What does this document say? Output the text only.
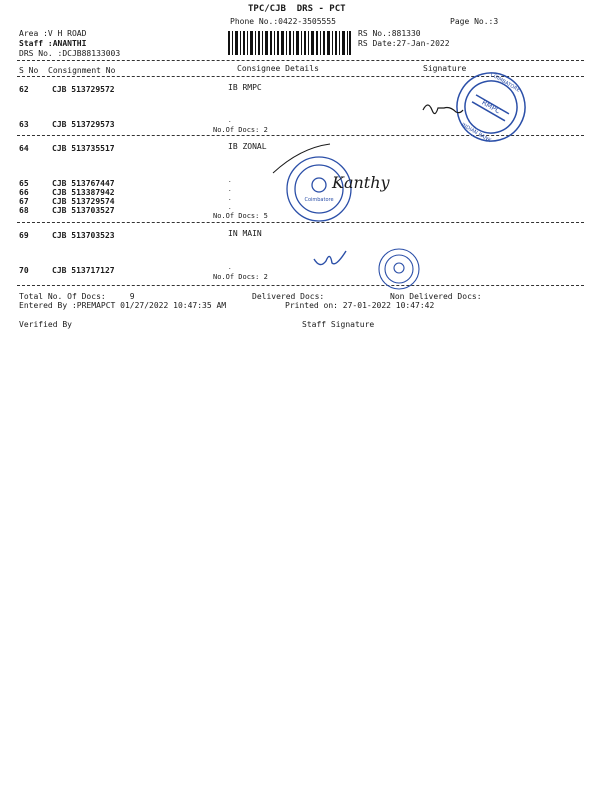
TPC/CJB  DRS - PCT
Phone No.:0422-3505555	Page No.:3
Area :V H ROAD
Staff :ANANTHI
DRS No. :DCJB88133003
RS No.:881330
RS Date:27-Jan-2022
S No Consignment No	Consignee Details	Signature
IB RMPC
62	CJB 513729572
63	CJB 513729573	.
No.Of Docs: 2
IB ZONAL
64	CJB 513735517
65	CJB 513767447
66	CJB 513387942
67	CJB 513729574
68	CJB 513703527
.
.
.
.
No.Of Docs: 5
IN MAIN
69	CJB 513703523
70	CJB 513717127	.
No.Of Docs: 2
Total No. Of Docs:     9	Delivered Docs:	Non Delivered Docs:
Entered By :PREMAPCT 01/27/2022 10:47:35 AM	Printed on: 27-01-2022 10:47:42
Verified By	Staff Signature
RMPC
COIMBATORE
INDIAN BANK
Coimbatore
Kanthy
